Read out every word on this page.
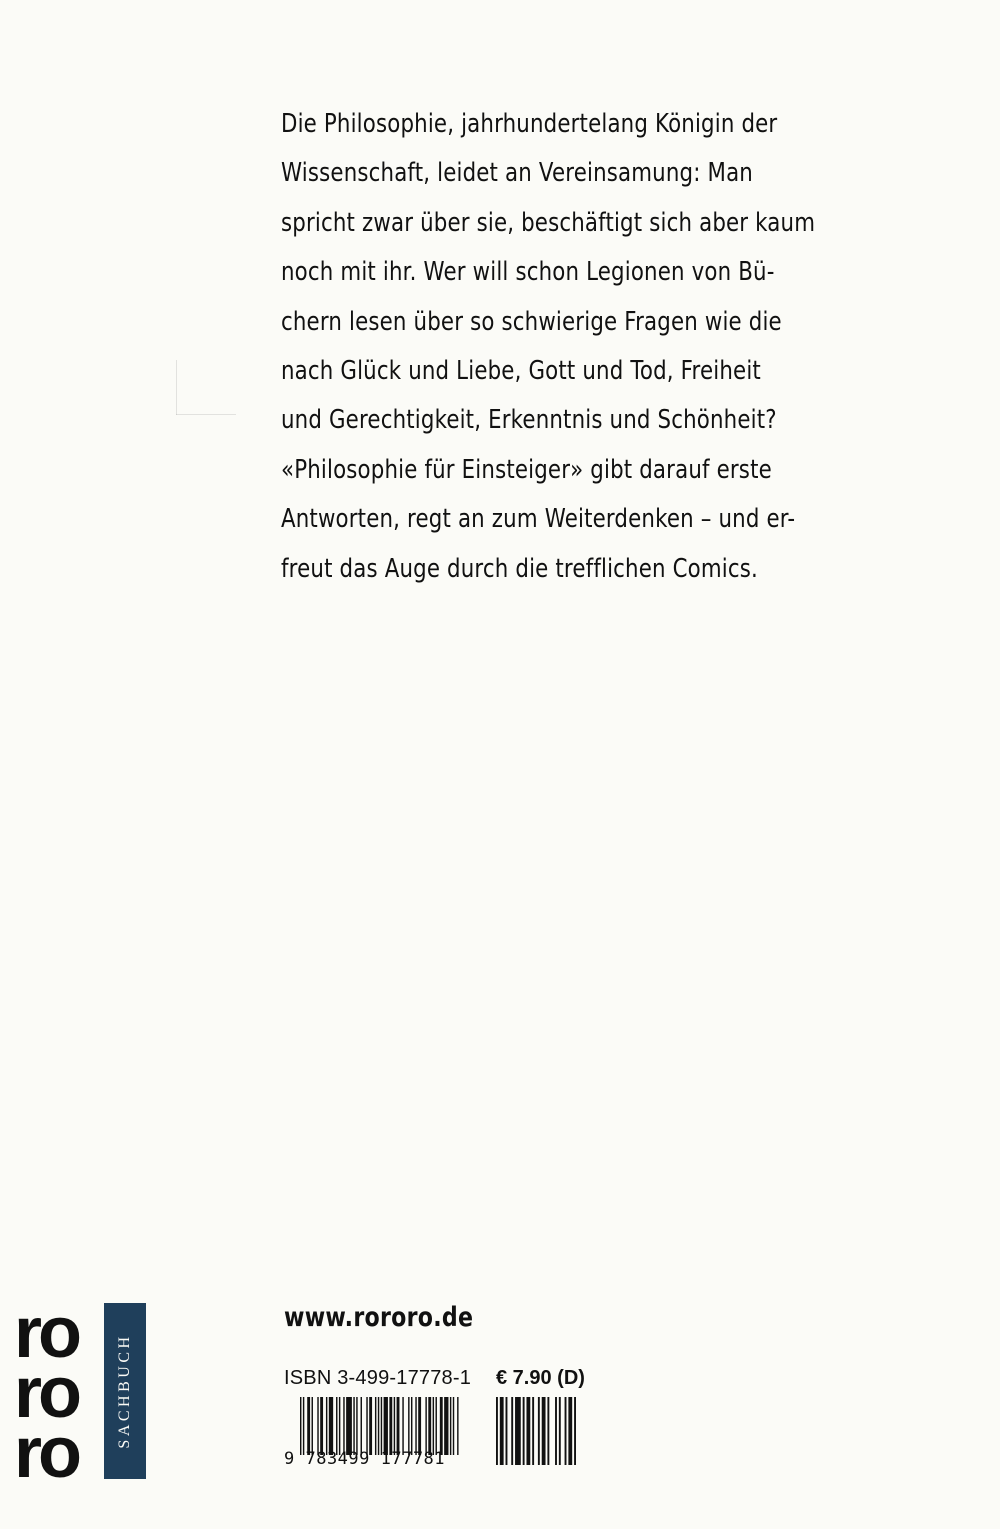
Die Philosophie, jahrhundertelang Königin der
Wissenschaft, leidet an Vereinsamung: Man
spricht zwar über sie, beschäftigt sich aber kaum
noch mit ihr. Wer will schon Legionen von Bü-
chern lesen über so schwierige Fragen wie die
nach Glück und Liebe, Gott und Tod, Freiheit
und Gerechtigkeit, Erkenntnis und Schönheit?
«Philosophie für Einsteiger» gibt darauf erste
Antworten, regt an zum Weiterdenken – und er-
freut das Auge durch die trefflichen Comics.
www.rororo.de
ISBN 3-499-17778-1 € 7.90 (D)
9 783499 177781
ro
ro
ro
SACHBUCH
